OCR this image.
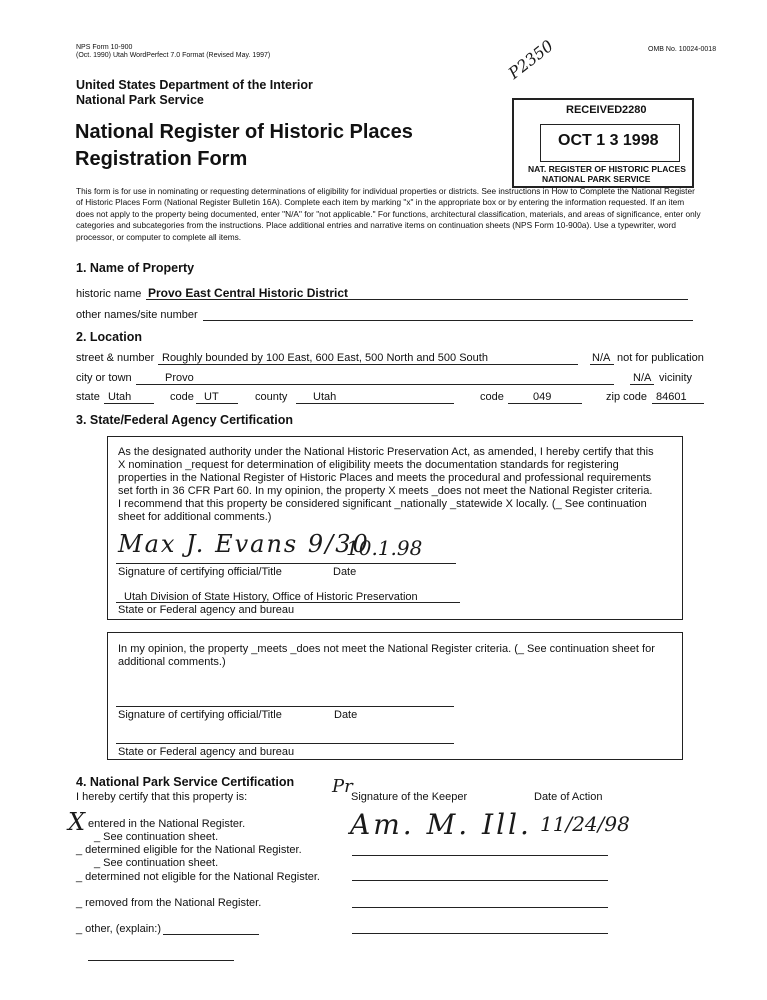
NPS Form 10-900
(Oct. 1990) Utah WordPerfect 7.0 Format (Revised May. 1997)
OMB No. 10024-0018
United States Department of the Interior
National Park Service
National Register of Historic Places
Registration Form
P2350
RECEIVED 2280
OCT 1 3 1998
NAT. REGISTER OF HISTORIC PLACES
NATIONAL PARK SERVICE
This form is for use in nominating or requesting determinations of eligibility for individual properties or districts. See instructions in How to Complete the National Register of Historic Places Form (National Register Bulletin 16A). Complete each item by marking "x" in the appropriate box or by entering the information requested. If an item does not apply to the property being documented, enter "N/A" for "not applicable." For functions, architectural classification, materials, and areas of significance, enter only categories and subcategories from the instructions. Place additional entries and narrative items on continuation sheets (NPS Form 10-900a). Use a typewriter, word processor, or computer to complete all items.
1. Name of Property
historic name Provo East Central Historic District
other names/site number
2. Location
street & number Roughly bounded by 100 East, 600 East, 500 North and 500 South	N/A not for publication
city or town	Provo	N/A vicinity
state Utah	code UT	county Utah	code	049	zip code 84601
3. State/Federal Agency Certification
As the designated authority under the National Historic Preservation Act, as amended, I hereby certify that this
X nomination _request for determination of eligibility meets the documentation standards for registering
properties in the National Register of Historic Places and meets the procedural and professional requirements
set forth in 36 CFR Part 60. In my opinion, the property X meets _does not meet the National Register criteria.
I recommend that this property be considered significant _nationally _statewide X locally. (_ See continuation
sheet for additional comments.)
Max J. Evans 9/30
10.1.98
Signature of certifying official/Title	Date
Utah Division of State History, Office of Historic Preservation
State or Federal agency and bureau
In my opinion, the property _meets _does not meet the National Register criteria. (_ See continuation sheet for
additional comments.)
Signature of certifying official/Title	Date
State or Federal agency and bureau
4. National Park Service Certification
I hereby certify that this property is:	Pr
Signature of the Keeper	Date of Action
X entered in the National Register.
_ See continuation sheet.
_ determined eligible for the National Register.
_ See continuation sheet.
_ determined not eligible for the National Register.
_ removed from the National Register.
_ other, (explain:)
Am. M. Ill. 11/24/98
